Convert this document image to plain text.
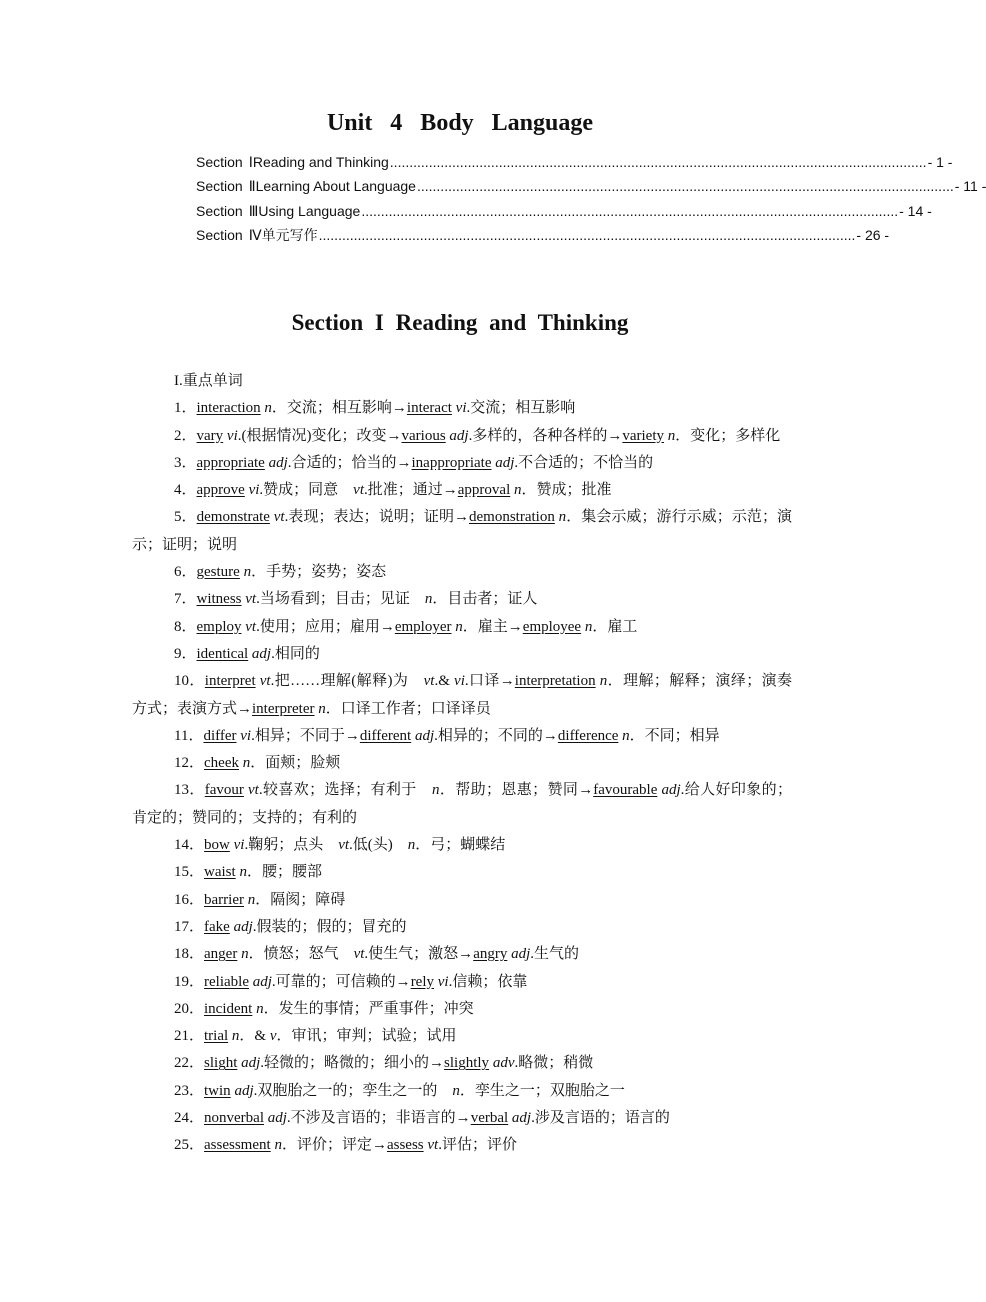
Unit 4 Body Language
Section Ⅰ Reading and Thinking .......................................................................................................................................... - 1 -
Section Ⅱ Learning About Language .......................................................................................................................................... - 11 -
Section Ⅲ Using Language .......................................................................................................................................... - 14 -
Section Ⅳ 单元写作 .......................................................................................................................................... - 26 -
Section I Reading and Thinking

I.重点单词

1．interaction n．交流；相互影响→interact vi.交流；相互影响

2．vary vi.(根据情况)变化；改变→various adj.多样的，各种各样的→variety n．变化；多样化

3．appropriate adj.合适的；恰当的→inappropriate adj.不合适的；不恰当的

4．approve vi.赞成；同意　vt.批准；通过→approval n．赞成；批准

5．demonstrate vt.表现；表达；说明；证明→demonstration n．集会示威；游行示威；示范；演示；证明；说明

6．gesture n．手势；姿势；姿态

7．witness vt.当场看到；目击；见证　n．目击者；证人

8．employ vt.使用；应用；雇用→employer n．雇主→employee n．雇工

9．identical adj.相同的

10．interpret vt.把……理解(解释)为　vt.& vi.口译→interpretation n．理解；解释；演绎；演奏方式；表演方式→interpreter n．口译工作者；口译译员

11．differ vi.相异；不同于→different adj.相异的；不同的→difference n．不同；相异

12．cheek n．面颊；脸颊

13．favour vt.较喜欢；选择；有利于　n．帮助；恩惠；赞同→favourable adj.给人好印象的；肯定的；赞同的；支持的；有利的

14．bow vi.鞠躬；点头　vt.低(头)　n．弓；蝴蝶结

15．waist n．腰；腰部

16．barrier n．隔阂；障碍

17．fake adj.假装的；假的；冒充的

18．anger n．愤怒；怒气　vt.使生气；激怒→angry adj.生气的

19．reliable adj.可靠的；可信赖的→rely vi.信赖；依靠

20．incident n．发生的事情；严重事件；冲突

21．trial n．& v．审讯；审判；试验；试用

22．slight adj.轻微的；略微的；细小的→slightly adv.略微；稍微

23．twin adj.双胞胎之一的；孪生之一的　n．孪生之一；双胞胎之一

24．nonverbal adj.不涉及言语的；非语言的→verbal adj.涉及言语的；语言的

25．assessment n．评价；评定→assess vt.评估；评价
